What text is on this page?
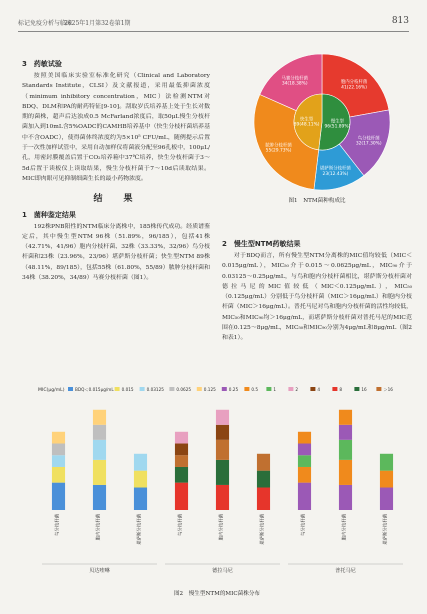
标记免疫分析与临床
2025年1月第32卷第1期	813
3　药敏试验

按照美国临床实验室标准化研究（Clinical and Laboratory Standards Institute，CLSI）及文献报道，采用最低抑菌浓度（minimum inhibitory concentration，MIC）法检测NTM对BDQ、DLM和PA的耐药特征[9-10]。刮取岁氏培养基上处于生长对数期的菌株，超声后达浊成0.5 McFarland浓度后，取50μL慢生分枝杆菌加入到10mL含5%OADC的CAMHB培养基中（快生分枝杆菌培养基中不含OADC），使得菌体终浓度约为5×10⁵ CFU/mL，随例提示后置于一次性加样试管中，采用自动加样仪将菌液分配至96孔板中，100μL/孔，用密封膜覆盖后置于CO₂培养箱中37℃培养，快生分枝杆菌于3～5d后置于读板仪上读取结果，慢生分枝杆菌于7～10d后读取结果。MIC即肉眼可见抑制细菌生长的最小药物浓度。

结　果
1　菌种鉴定结果

192株PNB阳性的NTM临床分离株中，185株传代成功。经质谱鉴定后，其中慢生型NTM 96株（51.89%，96/185），包括41株（42.71%，41/96）胞内分枝杆菌、32株（33.33%，32/96）鸟分枝杆菌和23株（23.96%，23/96）堪萨斯分枝杆菌；快生型NTM 89株（48.11%，89/185），包括55株（61.80%，55/89）脓肿分枝杆菌和34株（38.20%，34/89）马赛分枝杆菌（图1）。

胞内分枝杆菌 41(22.16%)
鸟分枝杆菌 32(17.30%)
堪萨斯分枝杆菌 23(12.43%)
脓肿分枝杆菌 55(29.73%)
马赛分枝杆菌 34(18.38%)
慢生型 96(51.89%)
快生型 89(48.11%)
图1　NTM菌种构成比
2　慢生型NTM药敏结果

对于BDQ而言，所有慢生型NTM分离株的MIC值均较低（MIC＜0.015μg/mL），MIC₅₀介于0.015～0.0625μg/mL，MIC₉₀介于0.03125～0.25μg/mL，与鸟和胞内分枝杆菌相比，堪萨斯分枝杆菌对德拉马尼的MIC值较低（MIC＜0.125μg/mL），MIC₅₀（0.125μg/mL）分别低于鸟分枝杆菌（MIC＞16μg/mL）和胞内分枝杆菌（MIC＞16μg/mL）。普托马尼对鸟和胞内分枝杆菌的活性均较低，MIC₅₀和MIC₉₀均＞16μg/mL，而堪萨斯分枝杆菌对普托马尼的MIC范围在0.125～8μg/mL，MIC₅₀和MIC₉₀分别为4μg/mL和8μg/mL（图2和表1）。

MIC(μg/mL) BDQ＜0.015μg/mL 0.015	0.03125	0.0625	0.125	0.25	0.5	1	2	4	8	16	＞16
鸟分枝杆菌	胞内分枝杆菌	堪萨斯分枝杆菌	鸟分枝杆菌	胞内分枝杆菌	堪萨斯分枝杆菌	鸟分枝杆菌	胞内分枝杆菌	堪萨斯分枝杆菌
贝达喹啉	德拉马尼	普托马尼
图2　慢生型NTM的MIC菌株分布
